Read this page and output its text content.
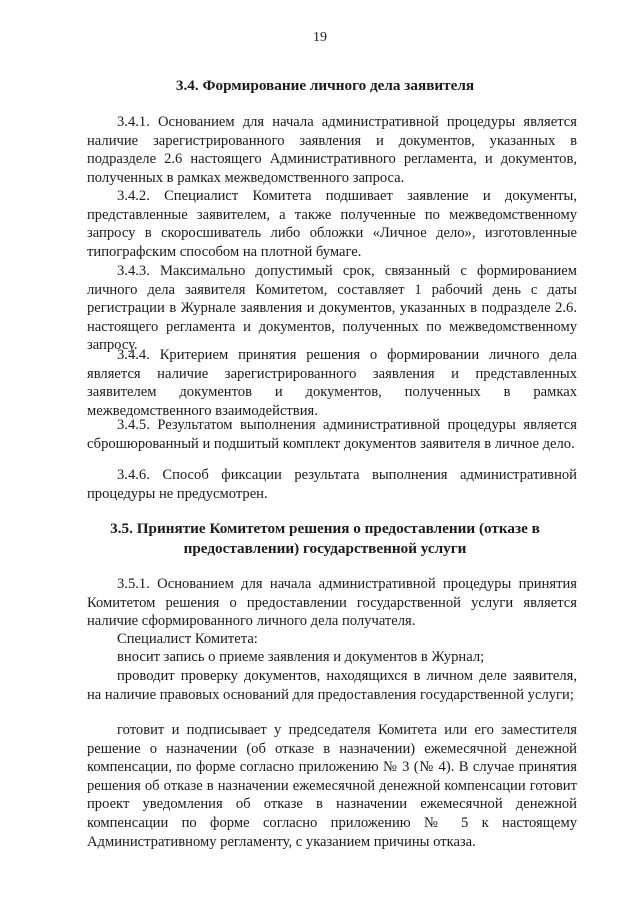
19
3.4. Формирование личного дела заявителя

3.4.1. Основанием для начала административной процедуры является наличие зарегистрированного заявления и документов, указанных в подразделе 2.6 настоящего Административного регламента, и документов, полученных в рамках межведомственного запроса.

3.4.2. Специалист Комитета подшивает заявление и документы, представленные заявителем, а также полученные по межведомственному запросу в скоросшиватель либо обложки «Личное дело», изготовленные типографским способом на плотной бумаге.

3.4.3. Максимально допустимый срок, связанный с формированием личного дела заявителя Комитетом, составляет 1 рабочий день с даты регистрации в Журнале заявления и документов, указанных в подразделе 2.6. настоящего регламента и документов, полученных по межведомственному запросу.

3.4.4. Критерием принятия решения о формировании личного дела является наличие зарегистрированного заявления и представленных заявителем документов и документов, полученных в рамках межведомственного взаимодействия.

3.4.5. Результатом выполнения административной процедуры является сброшюрованный и подшитый комплект документов заявителя в личное дело.

3.4.6. Способ фиксации результата выполнения административной процедуры не предусмотрен.

3.5. Принятие Комитетом решения о предоставлении (отказе в
предоставлении) государственной услуги

3.5.1. Основанием для начала административной процедуры принятия Комитетом решения о предоставлении государственной услуги является наличие сформированного личного дела получателя.

Специалист Комитета:

вносит запись о приеме заявления и документов в Журнал;

проводит проверку документов, находящихся в личном деле заявителя, на наличие правовых оснований для предоставления государственной услуги;

готовит и подписывает у председателя Комитета или его заместителя решение о назначении (об отказе в назначении) ежемесячной денежной компенсации, по форме согласно приложению № 3 (№ 4). В случае принятия решения об отказе в назначении ежемесячной денежной компенсации готовит проект уведомления об отказе в назначении ежемесячной денежной компенсации по форме согласно приложению № 5 к настоящему Административному регламенту, с указанием причины отказа.
